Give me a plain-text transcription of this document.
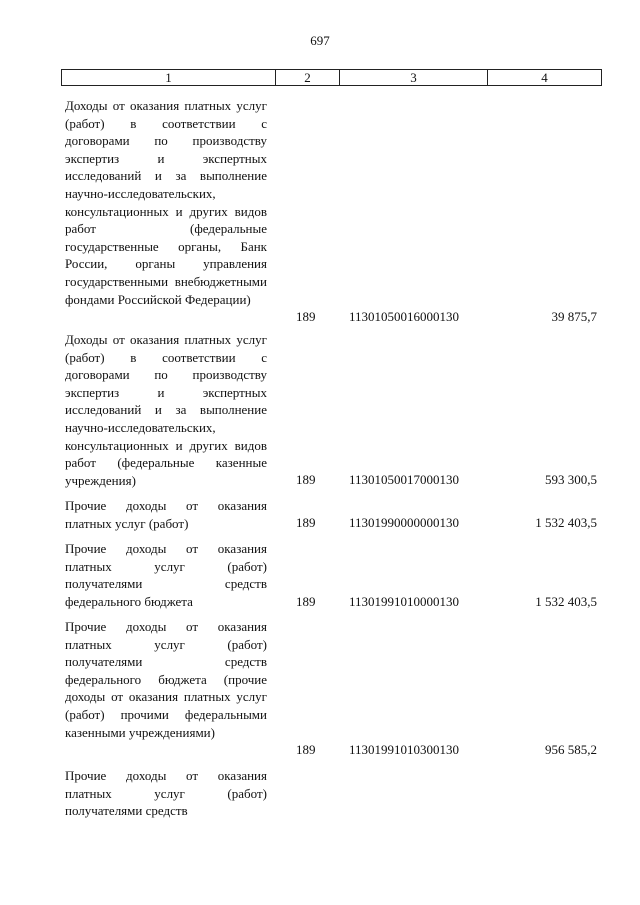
697
1	2	3	4
Доходы от оказания платных услуг (работ) в соответствии с договорами по производству экспертиз и экспертных исследований и за выполнение научно-исследовательских, консультационных и других видов работ (федеральные государственные органы, Банк России, органы управления государственными внебюджетными фондами Российской Федерации)
189	11301050016000130	39 875,7
Доходы от оказания платных услуг (работ) в соответствии с договорами по производству экспертиз и экспертных исследований и за выполнение научно-исследовательских, консультационных и других видов работ (федеральные казенные учреждения)	189	11301050017000130	593 300,5
Прочие доходы от оказания платных услуг (работ)	189	11301990000000130	1 532 403,5
Прочие доходы от оказания платных услуг (работ) получателями средств федерального бюджета	189	11301991010000130	1 532 403,5
Прочие доходы от оказания платных услуг (работ) получателями средств федерального бюджета (прочие доходы от оказания платных услуг (работ) прочими федеральными казенными учреждениями)
189	11301991010300130	956 585,2
Прочие доходы от оказания платных услуг (работ) получателями средств
